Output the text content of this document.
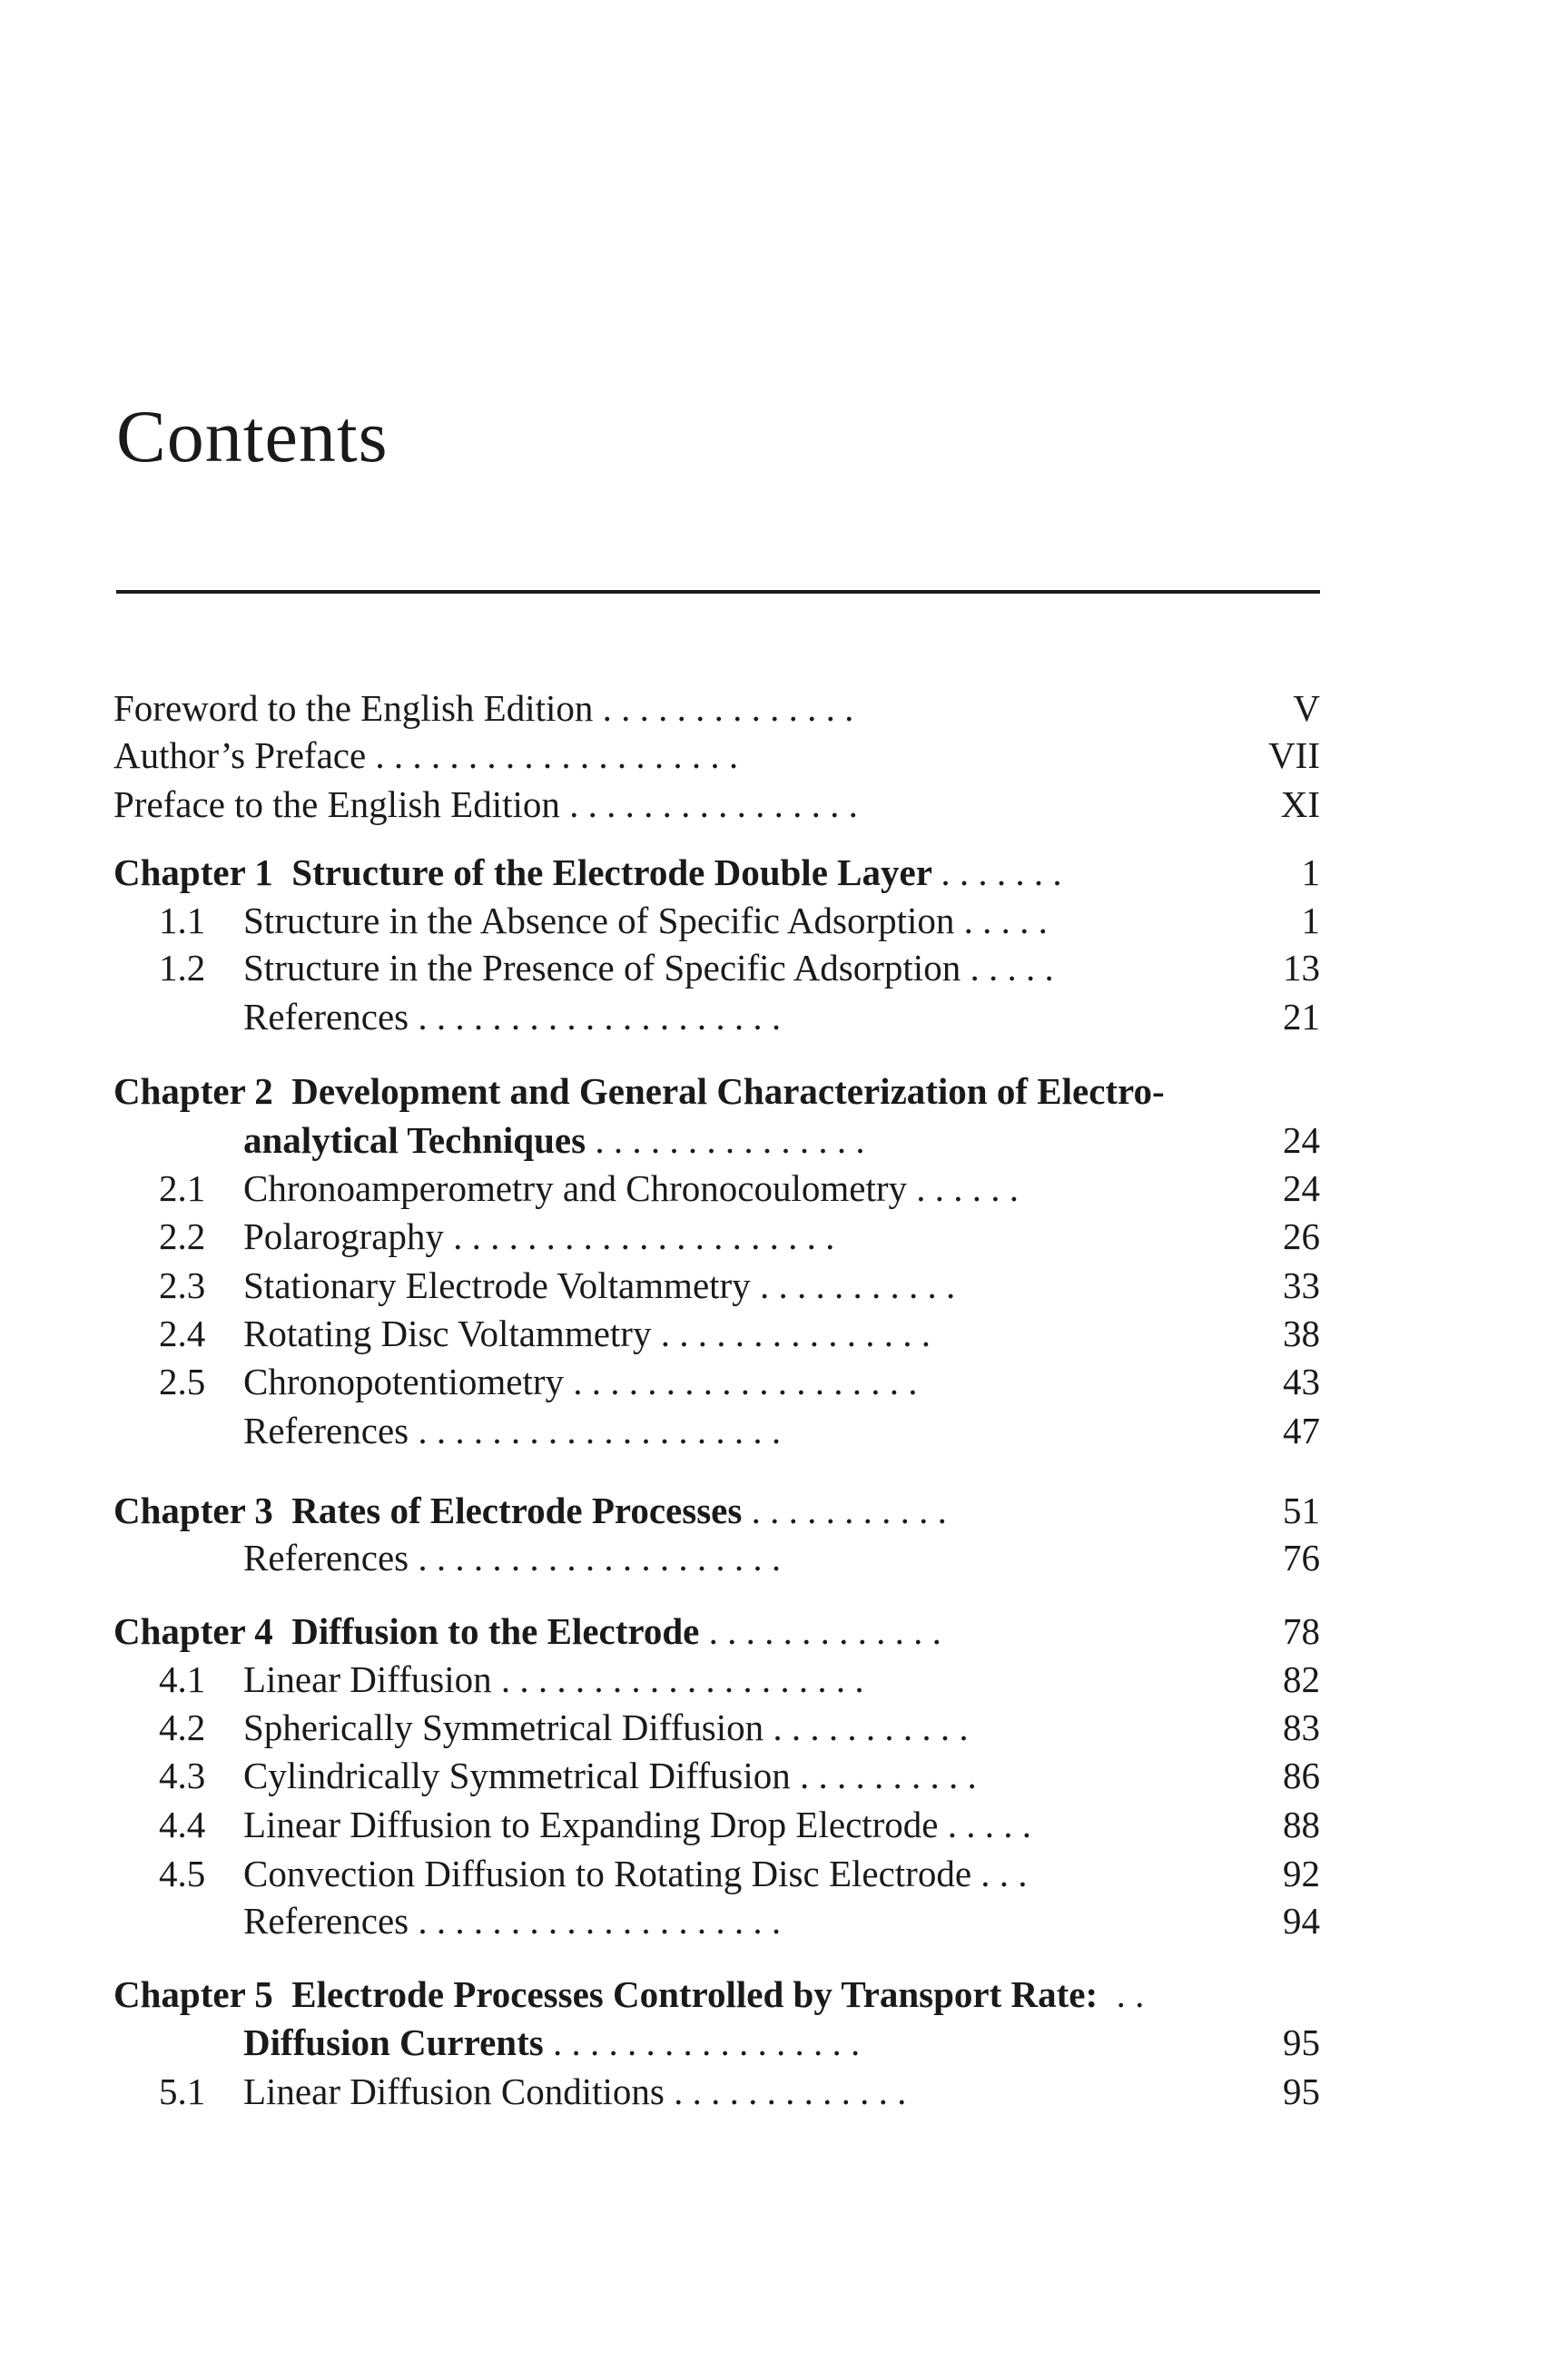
Contents
Foreword to the English Edition . . . . . . . . . . . . . .	V
Author’s Preface . . . . . . . . . . . . . . . . . . . .	VII
Preface to the English Edition . . . . . . . . . . . . . . . .	XI
Chapter 1 Structure of the Electrode Double Layer . . . . . . .	1
1.1 Structure in the Absence of Specific Adsorption . . . . .	1
1.2 Structure in the Presence of Specific Adsorption . . . . .	13
References . . . . . . . . . . . . . . . . . . . .	21
Chapter 2 Development and General Characterization of Electro-
analytical Techniques . . . . . . . . . . . . . . .	24
2.1 Chronoamperometry and Chronocoulometry . . . . . .	24
2.2 Polarography . . . . . . . . . . . . . . . . . . . . .	26
2.3 Stationary Electrode Voltammetry . . . . . . . . . . .	33
2.4 Rotating Disc Voltammetry . . . . . . . . . . . . . . .	38
2.5 Chronopotentiometry . . . . . . . . . . . . . . . . . . .	43
References . . . . . . . . . . . . . . . . . . . .	47
Chapter 3 Rates of Electrode Processes . . . . . . . . . . .	51
References . . . . . . . . . . . . . . . . . . . .	76
Chapter 4 Diffusion to the Electrode . . . . . . . . . . . . .	78
4.1 Linear Diffusion . . . . . . . . . . . . . . . . . . . .	82
4.2 Spherically Symmetrical Diffusion . . . . . . . . . . .	83
4.3 Cylindrically Symmetrical Diffusion . . . . . . . . . .	86
4.4 Linear Diffusion to Expanding Drop Electrode . . . . .	88
4.5 Convection Diffusion to Rotating Disc Electrode . . .	92
References . . . . . . . . . . . . . . . . . . . .	94
Chapter 5 Electrode Processes Controlled by Transport Rate: . .
Diffusion Currents . . . . . . . . . . . . . . . . .	95
5.1 Linear Diffusion Conditions . . . . . . . . . . . . .	95
